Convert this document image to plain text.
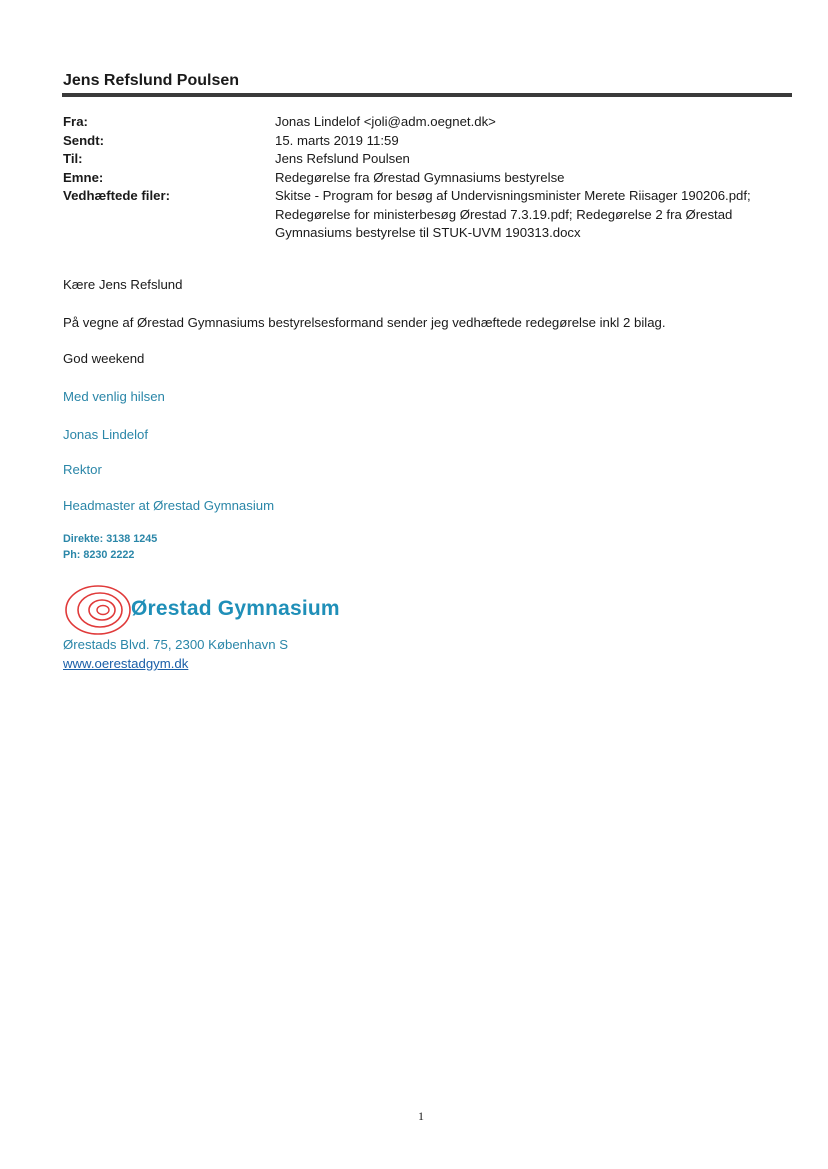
Jens Refslund Poulsen
Fra:	Jonas Lindelof <joli@adm.oegnet.dk>
Sendt:	15. marts 2019 11:59
Til:	Jens Refslund Poulsen
Emne:	Redegørelse fra Ørestad Gymnasiums bestyrelse
Vedhæftede filer:	Skitse - Program for besøg af Undervisningsminister Merete Riisager 190206.pdf;
Redegørelse for ministerbesøg Ørestad 7.3.19.pdf; Redegørelse 2 fra Ørestad
Gymnasiums bestyrelse til STUK-UVM 190313.docx
Kære Jens Refslund
På vegne af Ørestad Gymnasiums bestyrelsesformand sender jeg vedhæftede redegørelse inkl 2 bilag.
God weekend
Med venlig hilsen
Jonas Lindelof
Rektor
Headmaster at Ørestad Gymnasium
Direkte: 3138 1245
Ph: 8230 2222
Ørestad Gymnasium
Ørestads Blvd. 75, 2300 København S
www.oerestadgym.dk
1
